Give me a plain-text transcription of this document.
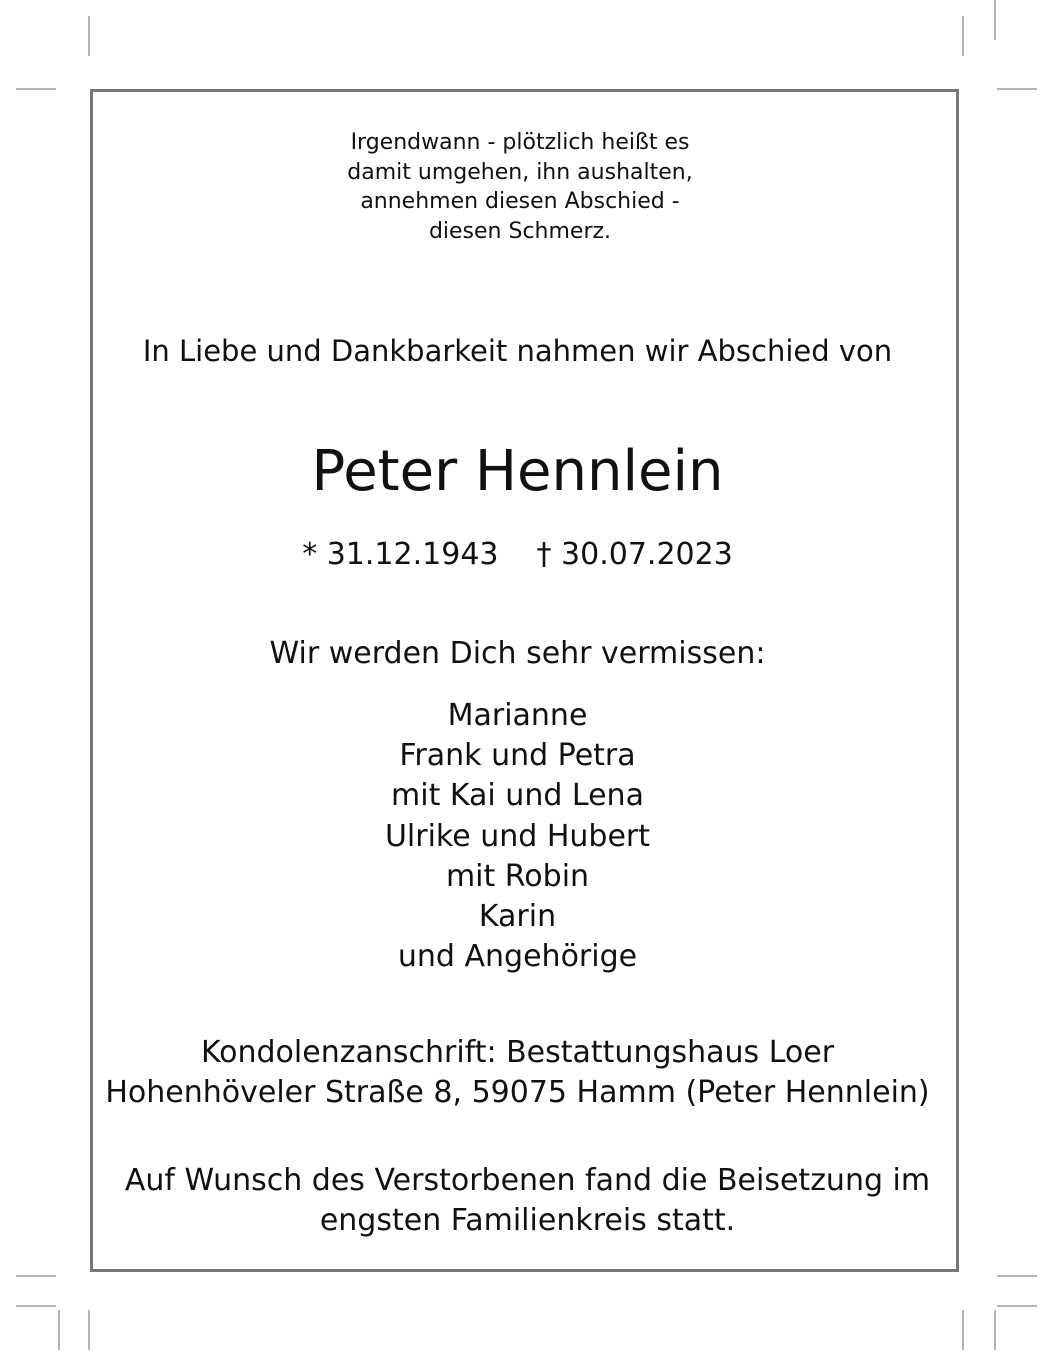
Irgendwann - plötzlich heißt es
damit umgehen, ihn aushalten,
annehmen diesen Abschied -
diesen Schmerz.

In Liebe und Dankbarkeit nahmen wir Abschied von

Peter Hennlein

* 31.12.1943 † 30.07.2023

Wir werden Dich sehr vermissen:

Marianne
Frank und Petra
mit Kai und Lena
Ulrike und Hubert
mit Robin
Karin
und Angehörige
Kondolenzanschrift: Bestattungshaus Loer
Hohenhöveler Straße 8, 59075 Hamm (Peter Hennlein)
Auf Wunsch des Verstorbenen fand die Beisetzung im
engsten Familienkreis statt.
